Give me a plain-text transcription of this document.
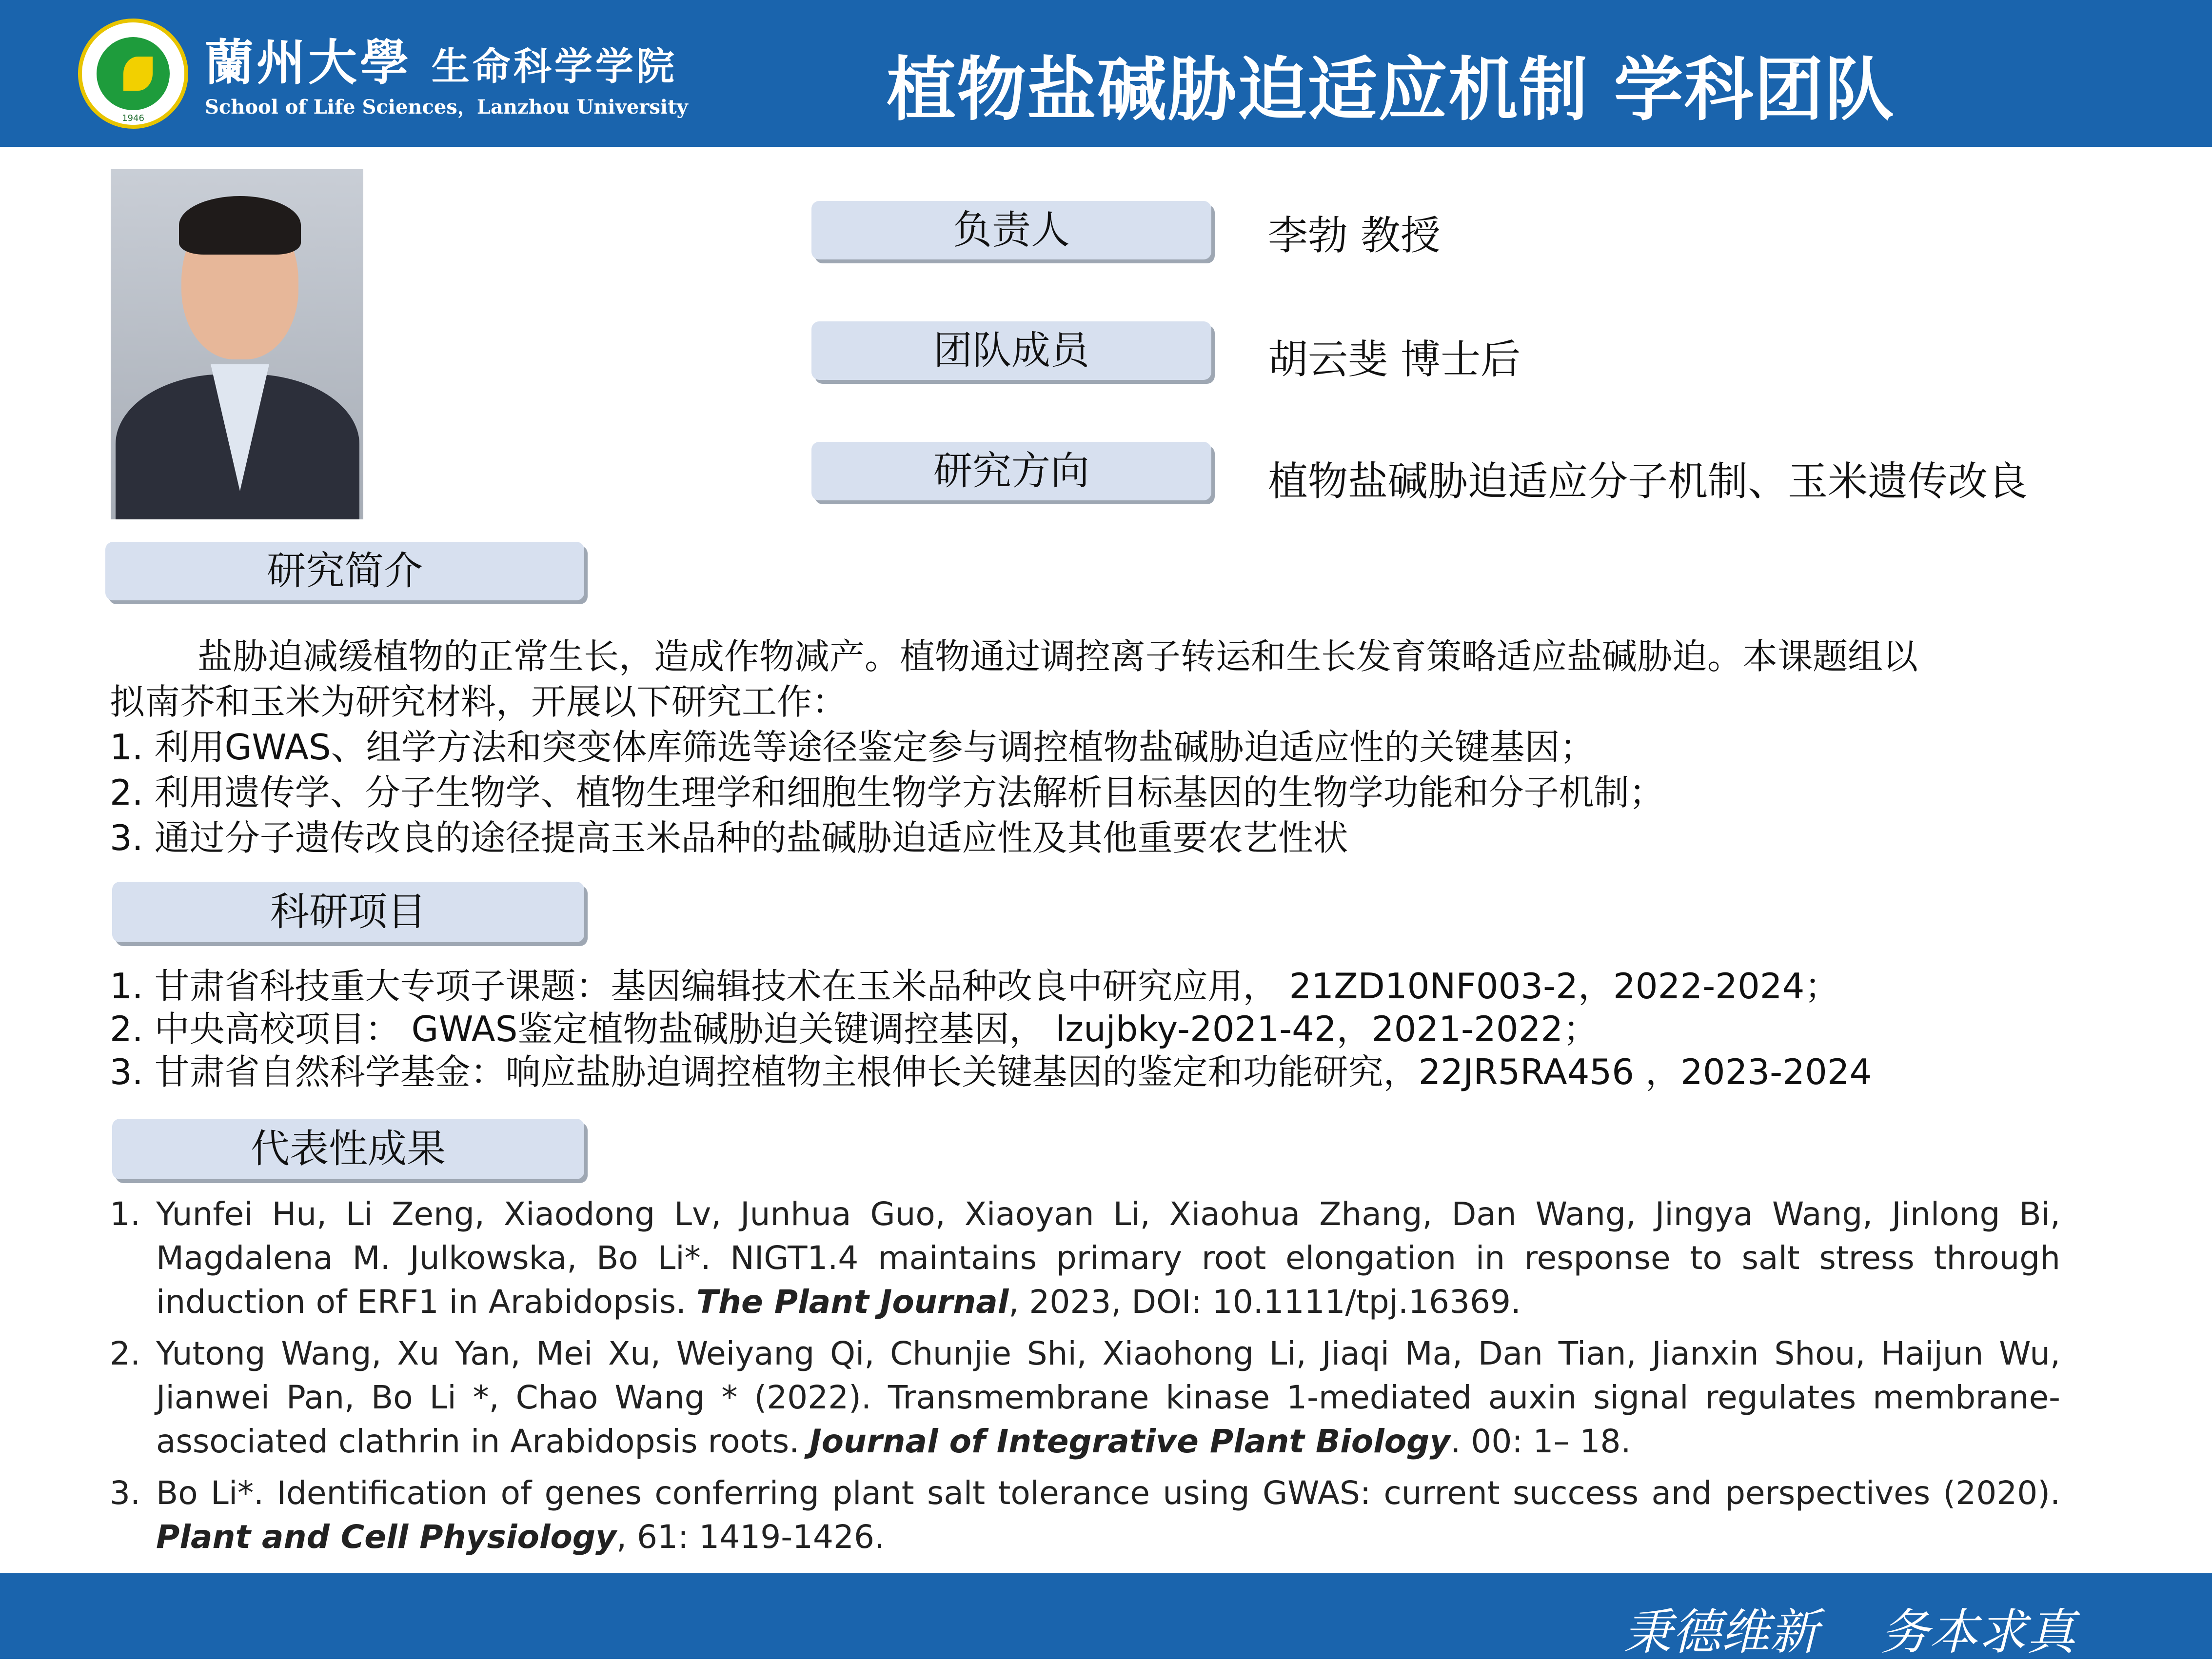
1946
蘭州大學 生命科学学院
School of Life Sciences，Lanzhou University	植物盐碱胁迫适应机制 学科团队
负责人	李勃 教授
团队成员	胡云斐 博士后
研究方向	植物盐碱胁迫适应分子机制、玉米遗传改良
研究简介
盐胁迫减缓植物的正常生长，造成作物减产。植物通过调控离子转运和生长发育策略适应盐碱胁迫。本课题组以
拟南芥和玉米为研究材料，开展以下研究工作：
1. 利用GWAS、组学方法和突变体库筛选等途径鉴定参与调控植物盐碱胁迫适应性的关键基因；
2. 利用遗传学、分子生物学、植物生理学和细胞生物学方法解析目标基因的生物学功能和分子机制；
3. 通过分子遗传改良的途径提高玉米品种的盐碱胁迫适应性及其他重要农艺性状
科研项目
1. 甘肃省科技重大专项子课题：基因编辑技术在玉米品种改良中研究应用， 21ZD10NF003-2，2022-2024；
2. 中央高校项目： GWAS鉴定植物盐碱胁迫关键调控基因， lzujbky-2021-42，2021-2022；
3. 甘肃省自然科学基金：响应盐胁迫调控植物主根伸长关键基因的鉴定和功能研究，22JR5RA456 ，2023-2024
代表性成果
1. Yunfei Hu, Li Zeng, Xiaodong Lv, Junhua Guo, Xiaoyan Li, Xiaohua Zhang, Dan Wang, Jingya Wang, Jinlong Bi, Magdalena M. Julkowska, Bo Li*. NIGT1.4 maintains primary root elongation in response to salt stress through induction of ERF1 in Arabidopsis. The Plant Journal, 2023, DOI: 10.1111/tpj.16369.
2. Yutong Wang, Xu Yan, Mei Xu, Weiyang Qi, Chunjie Shi, Xiaohong Li, Jiaqi Ma, Dan Tian, Jianxin Shou, Haijun Wu, Jianwei Pan, Bo Li *, Chao Wang * (2022). Transmembrane kinase 1-mediated auxin signal regulates membrane-associated clathrin in Arabidopsis roots. Journal of Integrative Plant Biology. 00: 1– 18.
3. Bo Li*. Identification of genes conferring plant salt tolerance using GWAS: current success and perspectives (2020). Plant and Cell Physiology, 61: 1419-1426.
秉德维新    务本求真
